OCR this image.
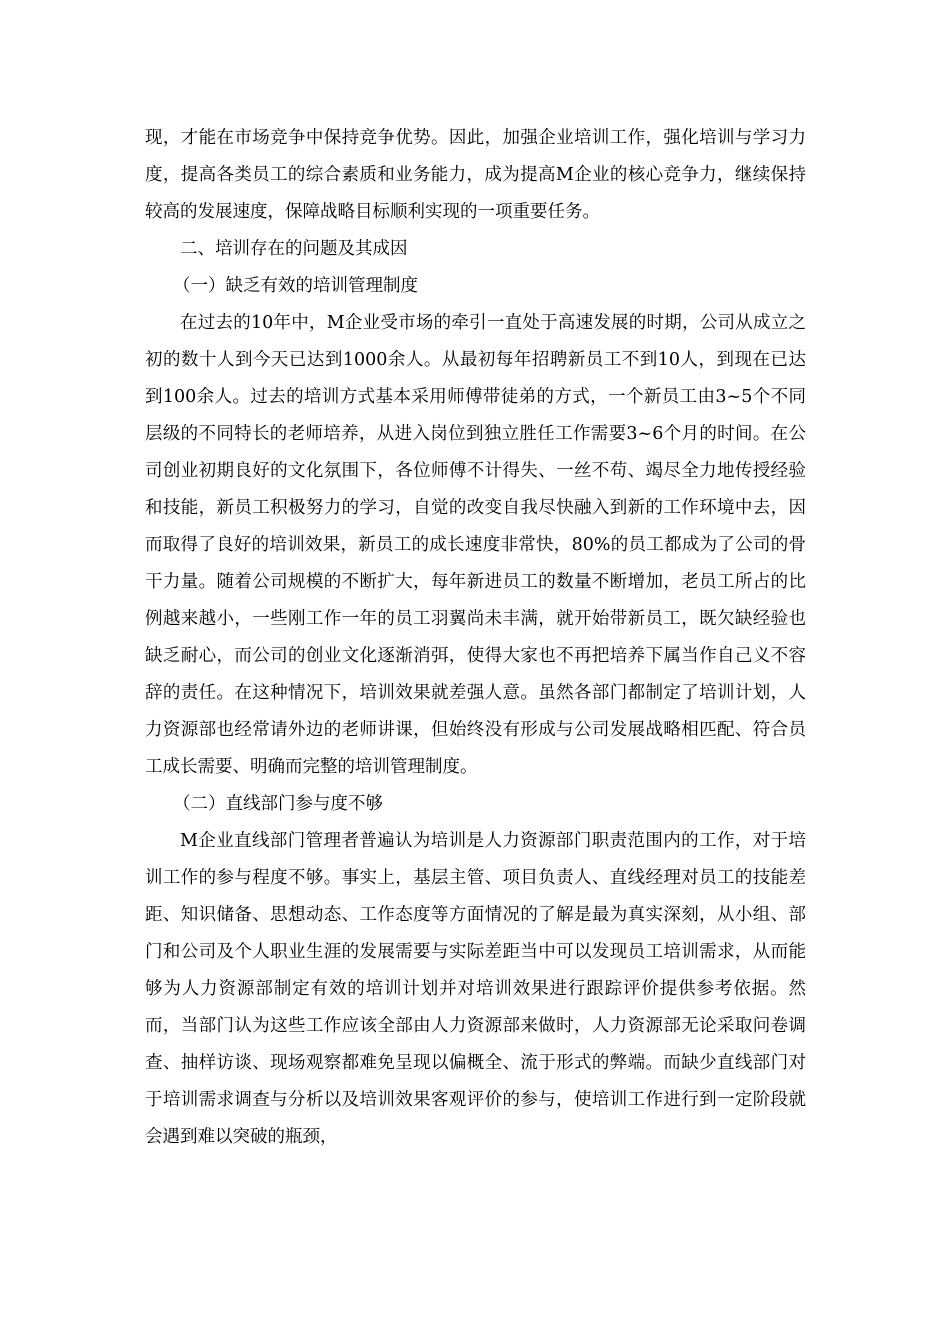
现，才能在市场竞争中保持竞争优势。因此，加强企业培训工作，强化培训与学习力度，提高各类员工的综合素质和业务能力，成为提高M企业的核心竞争力，继续保持较高的发展速度，保障战略目标顺利实现的一项重要任务。

二、培训存在的问题及其成因

（一）缺乏有效的培训管理制度

在过去的10年中，M企业受市场的牵引一直处于高速发展的时期，公司从成立之初的数十人到今天已达到1000余人。从最初每年招聘新员工不到10人，到现在已达到100余人。过去的培训方式基本采用师傅带徒弟的方式，一个新员工由3~5个不同层级的不同特长的老师培养，从进入岗位到独立胜任工作需要3~6个月的时间。在公司创业初期良好的文化氛围下，各位师傅不计得失、一丝不苟、竭尽全力地传授经验和技能，新员工积极努力的学习，自觉的改变自我尽快融入到新的工作环境中去，因而取得了良好的培训效果，新员工的成长速度非常快，80%的员工都成为了公司的骨干力量。随着公司规模的不断扩大，每年新进员工的数量不断增加，老员工所占的比例越来越小，一些刚工作一年的员工羽翼尚未丰满，就开始带新员工，既欠缺经验也缺乏耐心，而公司的创业文化逐渐消弭，使得大家也不再把培养下属当作自己义不容辞的责任。在这种情况下，培训效果就差强人意。虽然各部门都制定了培训计划，人力资源部也经常请外边的老师讲课，但始终没有形成与公司发展战略相匹配、符合员工成长需要、明确而完整的培训管理制度。

（二）直线部门参与度不够

M企业直线部门管理者普遍认为培训是人力资源部门职责范围内的工作，对于培训工作的参与程度不够。事实上，基层主管、项目负责人、直线经理对员工的技能差距、知识储备、思想动态、工作态度等方面情况的了解是最为真实深刻，从小组、部门和公司及个人职业生涯的发展需要与实际差距当中可以发现员工培训需求，从而能够为人力资源部制定有效的培训计划并对培训效果进行跟踪评价提供参考依据。然而，当部门认为这些工作应该全部由人力资源部来做时，人力资源部无论采取问卷调查、抽样访谈、现场观察都难免呈现以偏概全、流于形式的弊端。而缺少直线部门对于培训需求调查与分析以及培训效果客观评价的参与，使培训工作进行到一定阶段就会遇到难以突破的瓶颈，
